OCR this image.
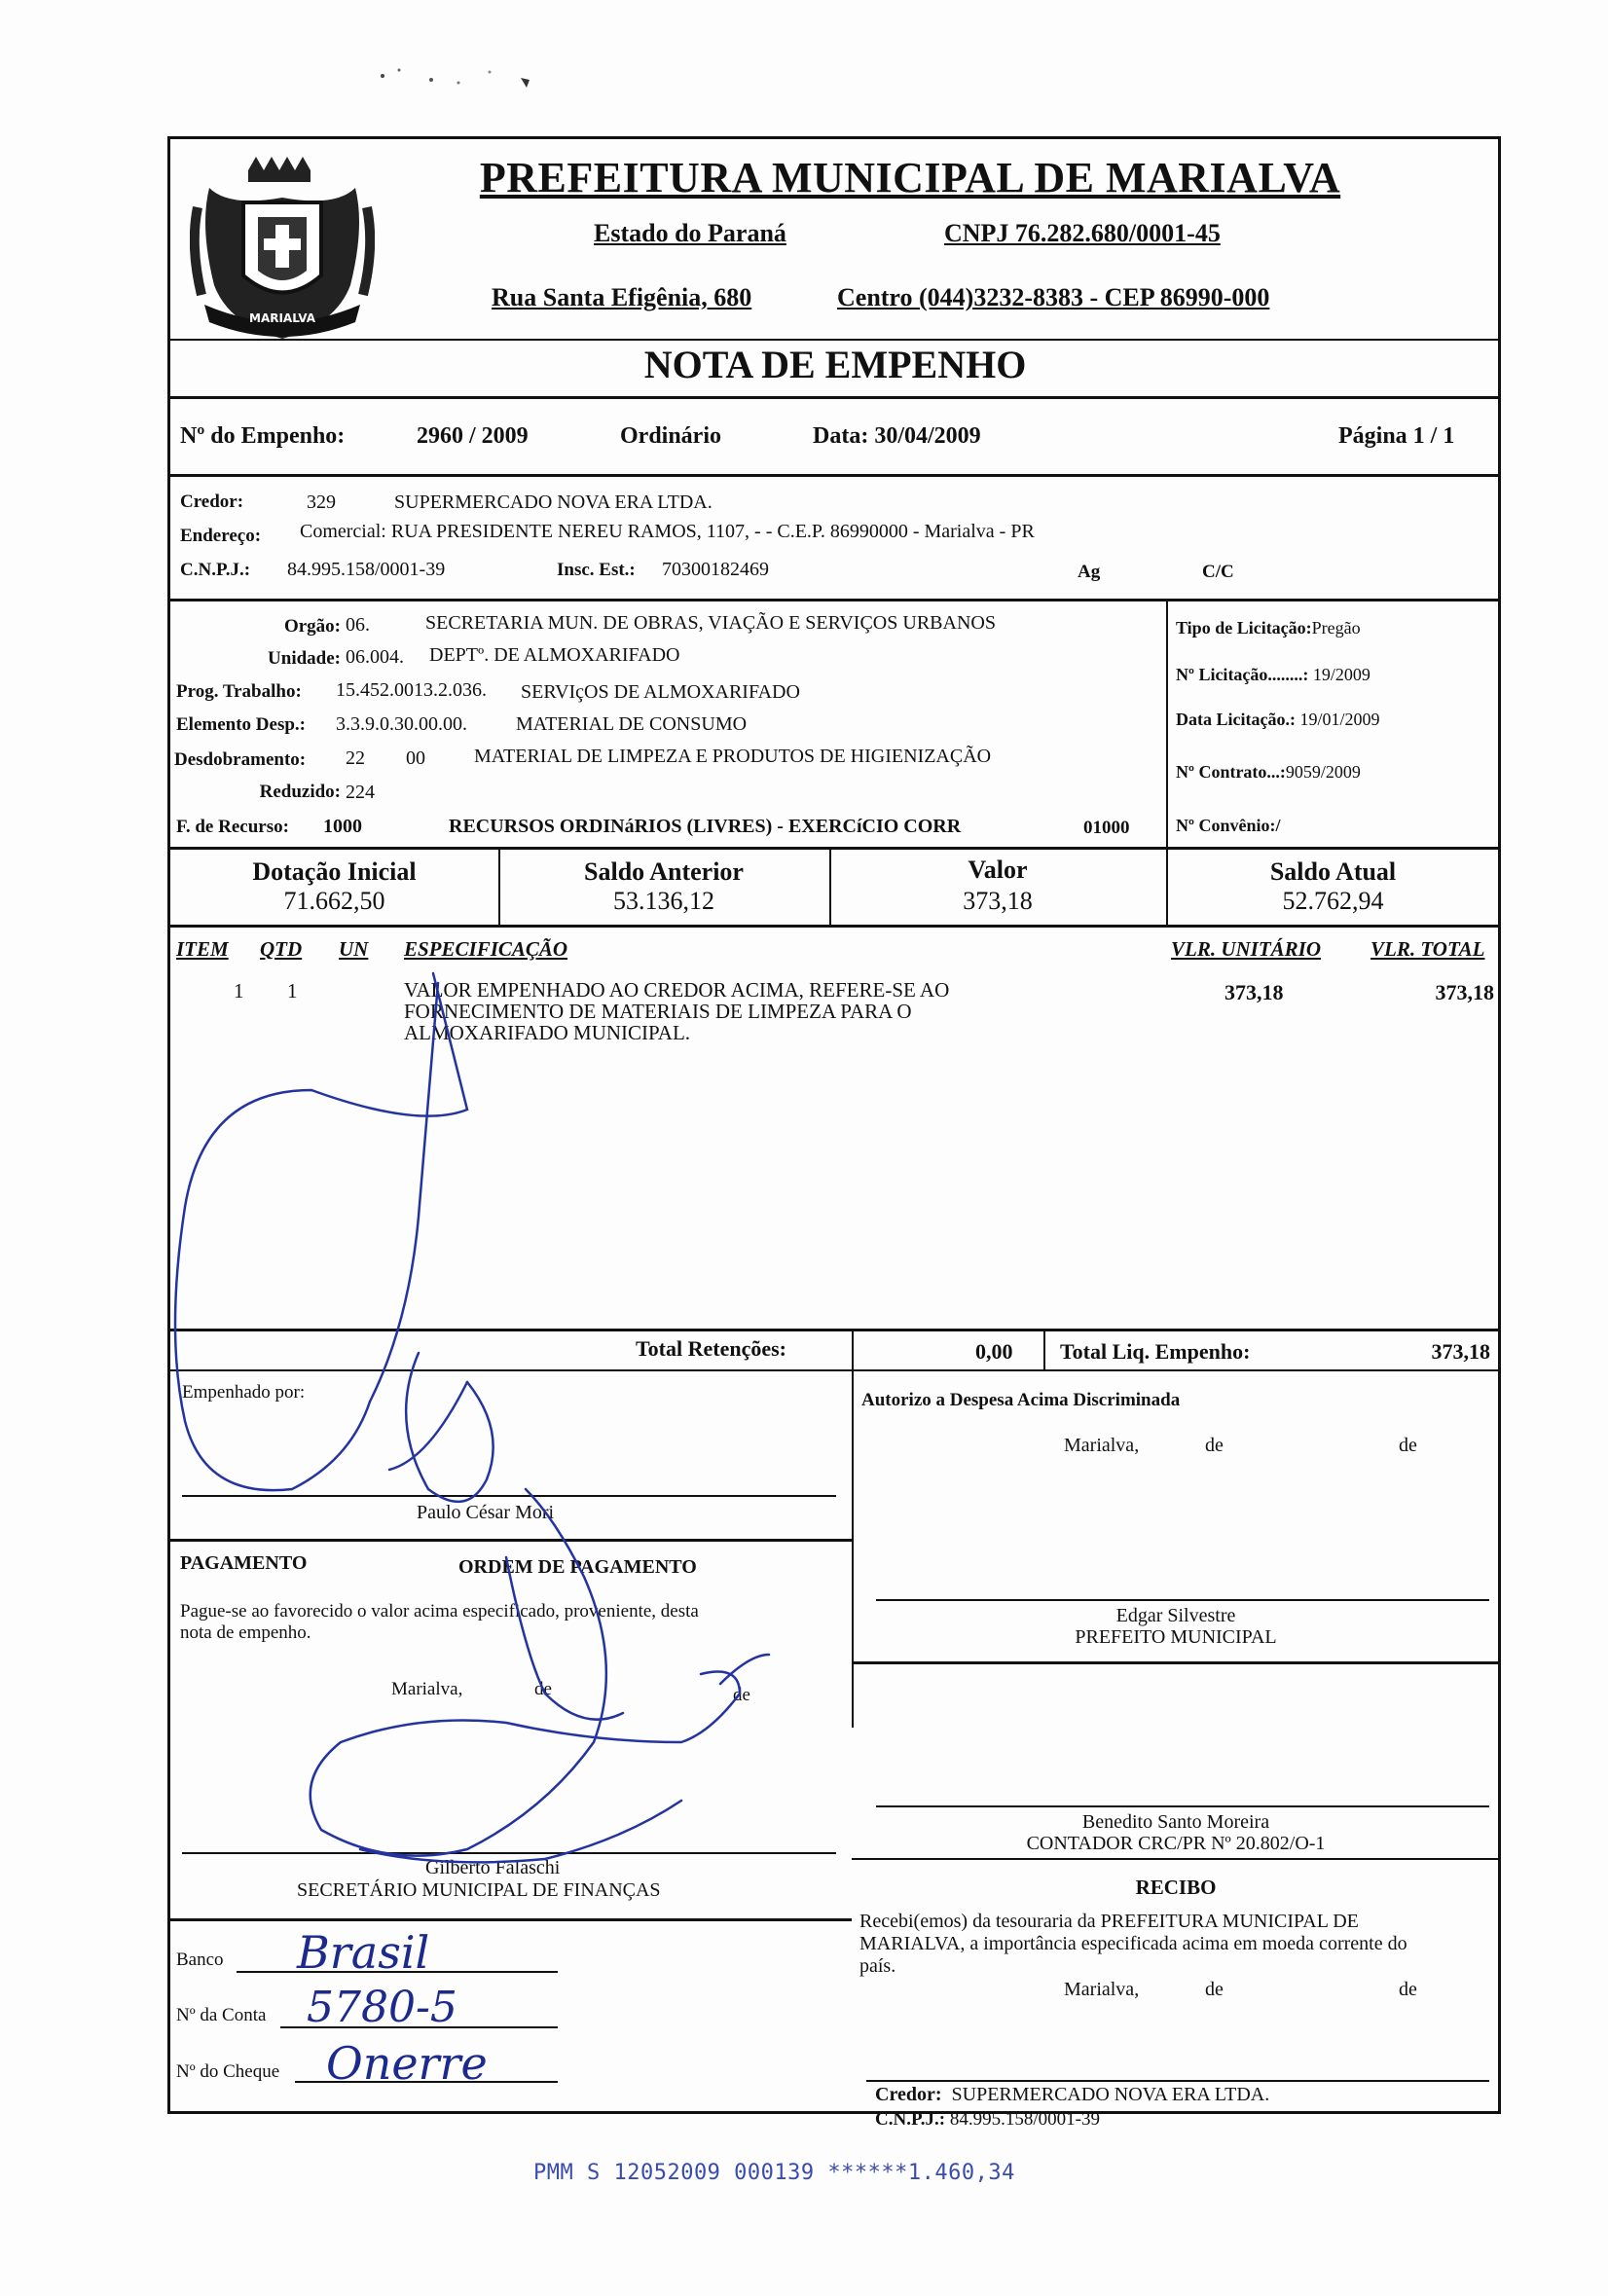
MARIALVA
PREFEITURA MUNICIPAL DE MARIALVA
Estado do Paraná	CNPJ 76.282.680/0001-45
Rua Santa Efigênia, 680	Centro (044)3232-8383 - CEP 86990-000
NOTA DE EMPENHO
Nº do Empenho:	2960 / 2009	Ordinário	Data: 30/04/2009	Página 1 / 1
Credor:	329	SUPERMERCADO NOVA ERA LTDA.
Endereço: Comercial: RUA PRESIDENTE NEREU RAMOS, 1107, - - C.E.P. 86990000 - Marialva - PR
C.N.P.J.: 84.995.158/0001-39	Insc. Est.: 70300182469	Ag	C/C
Orgão: 06.	SECRETARIA MUN. DE OBRAS, VIAÇÃO E SERVIÇOS URBANOS
Unidade: 06.004. DEPTº. DE ALMOXARIFADO
Prog. Trabalho: 15.452.0013.2.036. SERVIçOS DE ALMOXARIFADO
Elemento Desp.: 3.3.9.0.30.00.00.	MATERIAL DE CONSUMO
Desdobramento: 22 00	MATERIAL DE LIMPEZA E PRODUTOS DE HIGIENIZAÇÃO
Reduzido: 224
F. de Recurso: 1000	RECURSOS ORDINáRIOS (LIVRES) - EXERCíCIO CORR	01000
Tipo de Licitação:Pregão
Nº Licitação........: 19/2009
Data Licitação.: 19/01/2009
Nº Contrato...:9059/2009
Nº Convênio:/
Dotação Inicial
71.662,50
Saldo Anterior
53.136,12
Valor
373,18
Saldo Atual
52.762,94
ITEM QTD UN ESPECIFICAÇÃO	VLR. UNITÁRIO VLR. TOTAL
1 1	VALOR EMPENHADO AO CREDOR ACIMA, REFERE-SE AO
FORNECIMENTO DE MATERIAIS DE LIMPEZA PARA O
ALMOXARIFADO MUNICIPAL.
373,18	373,18
Total Retenções:	0,00 Total Liq. Empenho:	373,18
Empenhado por:
Paulo César Mori
PAGAMENTO	ORDEM DE PAGAMENTO
Pague-se ao favorecido o valor acima especificado, proveniente, desta
nota de empenho.
Marialva,	de	de
Gilberto Falaschi
SECRETÁRIO MUNICIPAL DE FINANÇAS
Banco Brasil
Nº da Conta 5780-5
Nº do Cheque Onerre
Autorizo a Despesa Acima Discriminada
Marialva,	de	de
Edgar Silvestre
PREFEITO MUNICIPAL
Benedito Santo Moreira
CONTADOR CRC/PR Nº 20.802/O-1
RECIBO
Recebi(emos) da tesouraria da PREFEITURA MUNICIPAL DE
MARIALVA, a importância especificada acima em moeda corrente do
país.
Marialva,	de	de
Credor: SUPERMERCADO NOVA ERA LTDA.
C.N.P.J.: 84.995.158/0001-39
PMM S 12052009 000139 ******1.460,34
